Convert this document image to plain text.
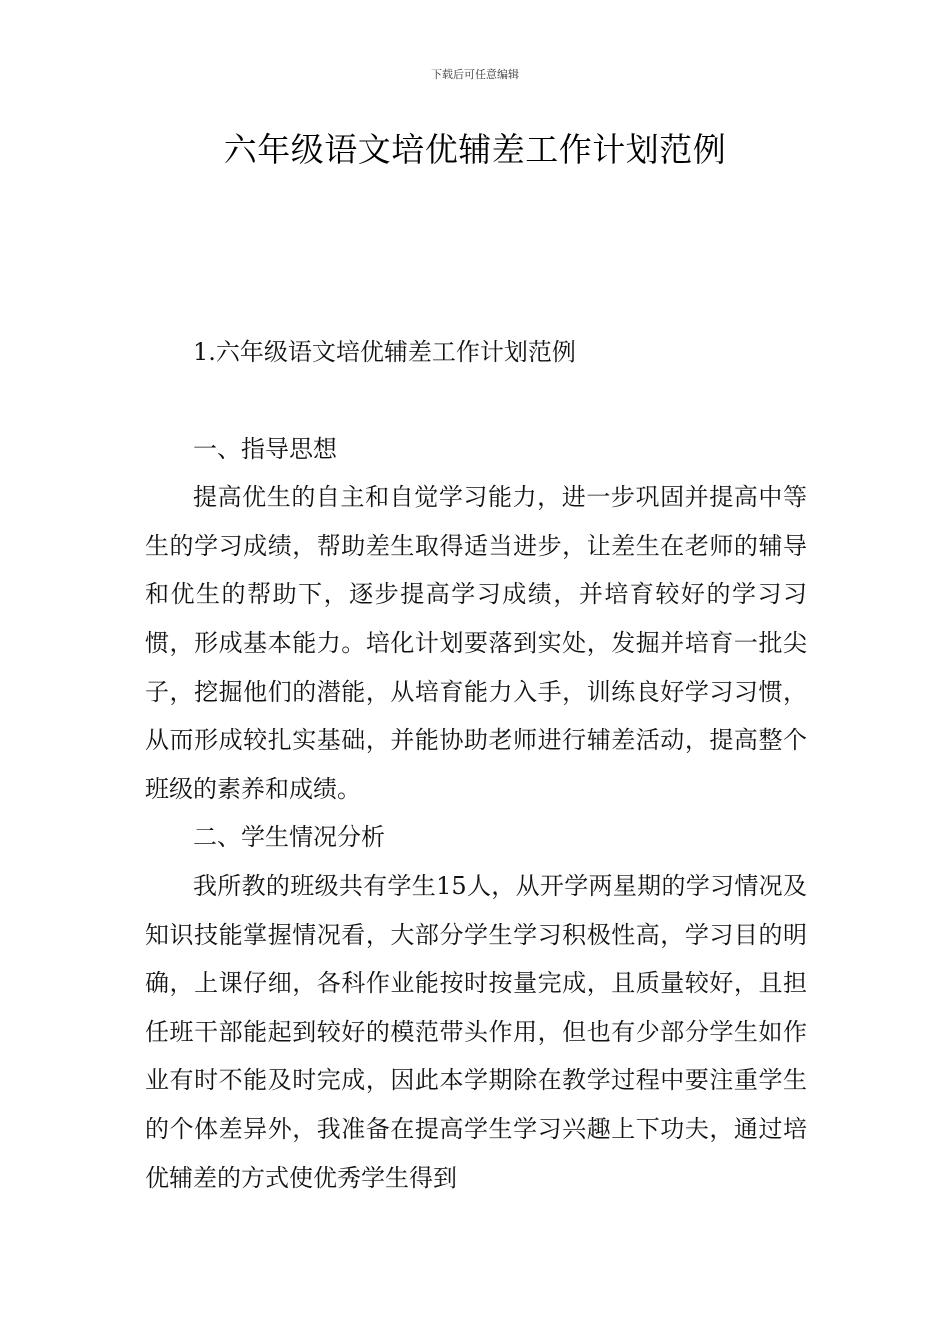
下载后可任意编辑
六年级语文培优辅差工作计划范例

1.六年级语文培优辅差工作计划范例

一、指导思想

提高优生的自主和自觉学习能力，进一步巩固并提高中等生的学习成绩，帮助差生取得适当进步，让差生在老师的辅导和优生的帮助下，逐步提高学习成绩，并培育较好的学习习惯，形成基本能力。培化计划要落到实处，发掘并培育一批尖子，挖掘他们的潜能，从培育能力入手，训练良好学习习惯，从而形成较扎实基础，并能协助老师进行辅差活动，提高整个班级的素养和成绩。

二、学生情况分析

我所教的班级共有学生15人，从开学两星期的学习情况及知识技能掌握情况看，大部分学生学习积极性高，学习目的明确，上课仔细，各科作业能按时按量完成，且质量较好，且担任班干部能起到较好的模范带头作用，但也有少部分学生如作业有时不能及时完成，因此本学期除在教学过程中要注重学生的个体差异外，我准备在提高学生学习兴趣上下功夫，通过培优辅差的方式使优秀学生得到
